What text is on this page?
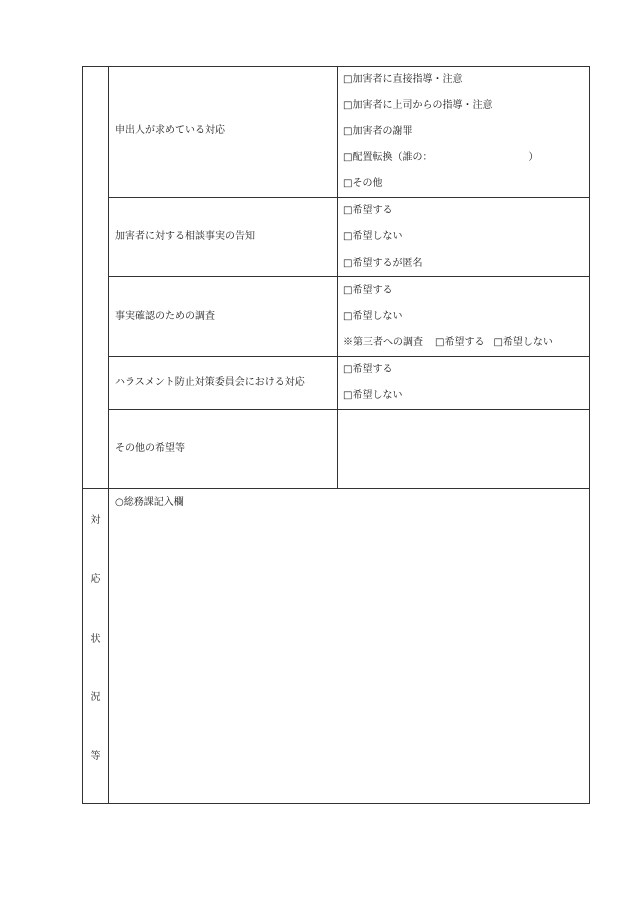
申出人が求めている対応
□加害者に直接指導・注意
□加害者に上司からの指導・注意
□加害者の謝罪
□配置転換（誰の：	）
□その他
加害者に対する相談事実の告知
□希望する
□希望しない
□希望するが匿名
事実確認のための調査
□希望する
□希望しない
※第三者への調査 □希望する □希望しない
ハラスメント防止対策委員会における対応
□希望する
□希望しない
その他の希望等
対
応
状
況
等
○総務課記入欄
